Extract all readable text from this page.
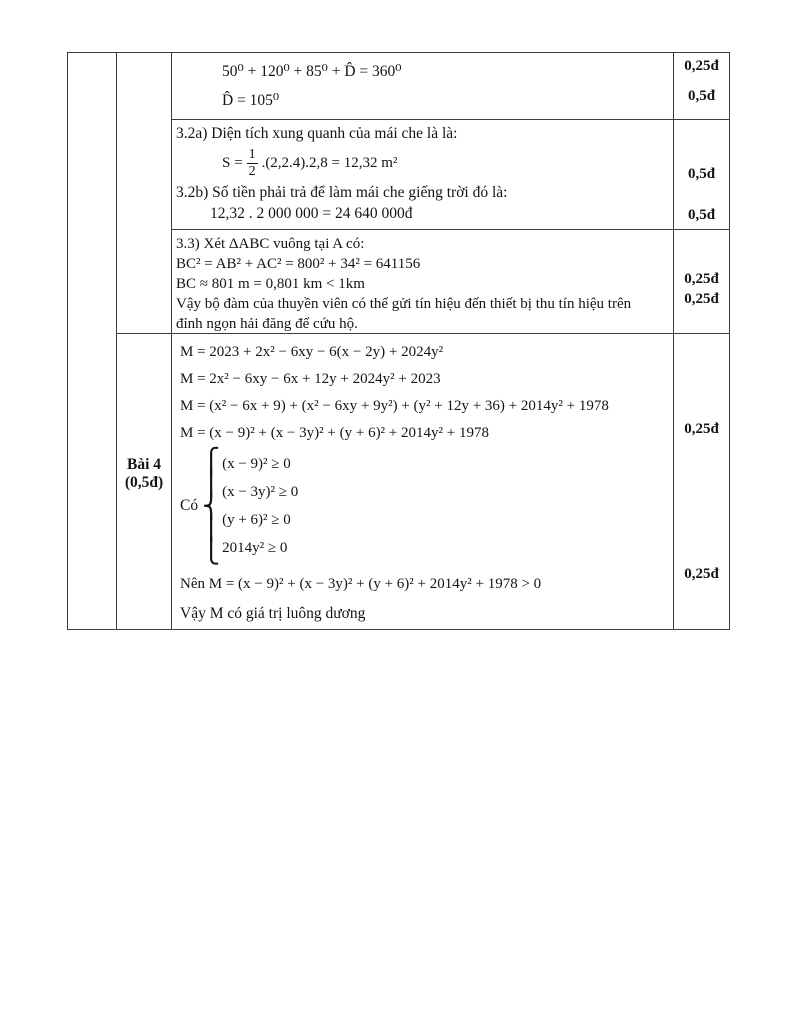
Bài 4
(0,5đ)
50⁰ + 120⁰ + 85⁰ + D̂ = 360⁰
D̂ = 105⁰
0,25đ
0,5đ
3.2a) Diện tích xung quanh của mái che là là:
$S = \frac{1}{2} .(2,2.4).2,8 = 12,32$ m²
3.2b) Số tiền phải trả để làm mái che giếng trời đó là:
12,32 . 2 000 000 = 24 640 000đ
0,5đ
0,5đ
3.3) Xét ΔABC vuông tại A có:
BC² = AB² + AC² = 800² + 34² = 641156
BC ≈ 801 m = 0,801 km < 1km
Vậy bộ đàm của thuyền viên có thể gửi tín hiệu đến thiết bị thu tín hiệu trên
đỉnh ngọn hải đăng để cứu hộ.
0,25đ
0,25đ
M = 2023 + 2x² − 6xy − 6(x − 2y) + 2024y²
M = 2x² − 6xy − 6x + 12y + 2024y² + 2023
M = (x² − 6x + 9) + (x² − 6xy + 9y²) + (y² + 12y + 36) + 2014y² + 1978
M = (x − 9)² + (x − 3y)² + (y + 6)² + 2014y² + 1978
Có
⎧
⎪
⎨
⎪
⎩
(x − 9)² ≥ 0
(x − 3y)² ≥ 0
(y + 6)² ≥ 0
2014y² ≥ 0
Nên M = (x − 9)² + (x − 3y)² + (y + 6)² + 2014y² + 1978 > 0
Vậy M có giá trị luông dương
0,25đ
0,25đ
